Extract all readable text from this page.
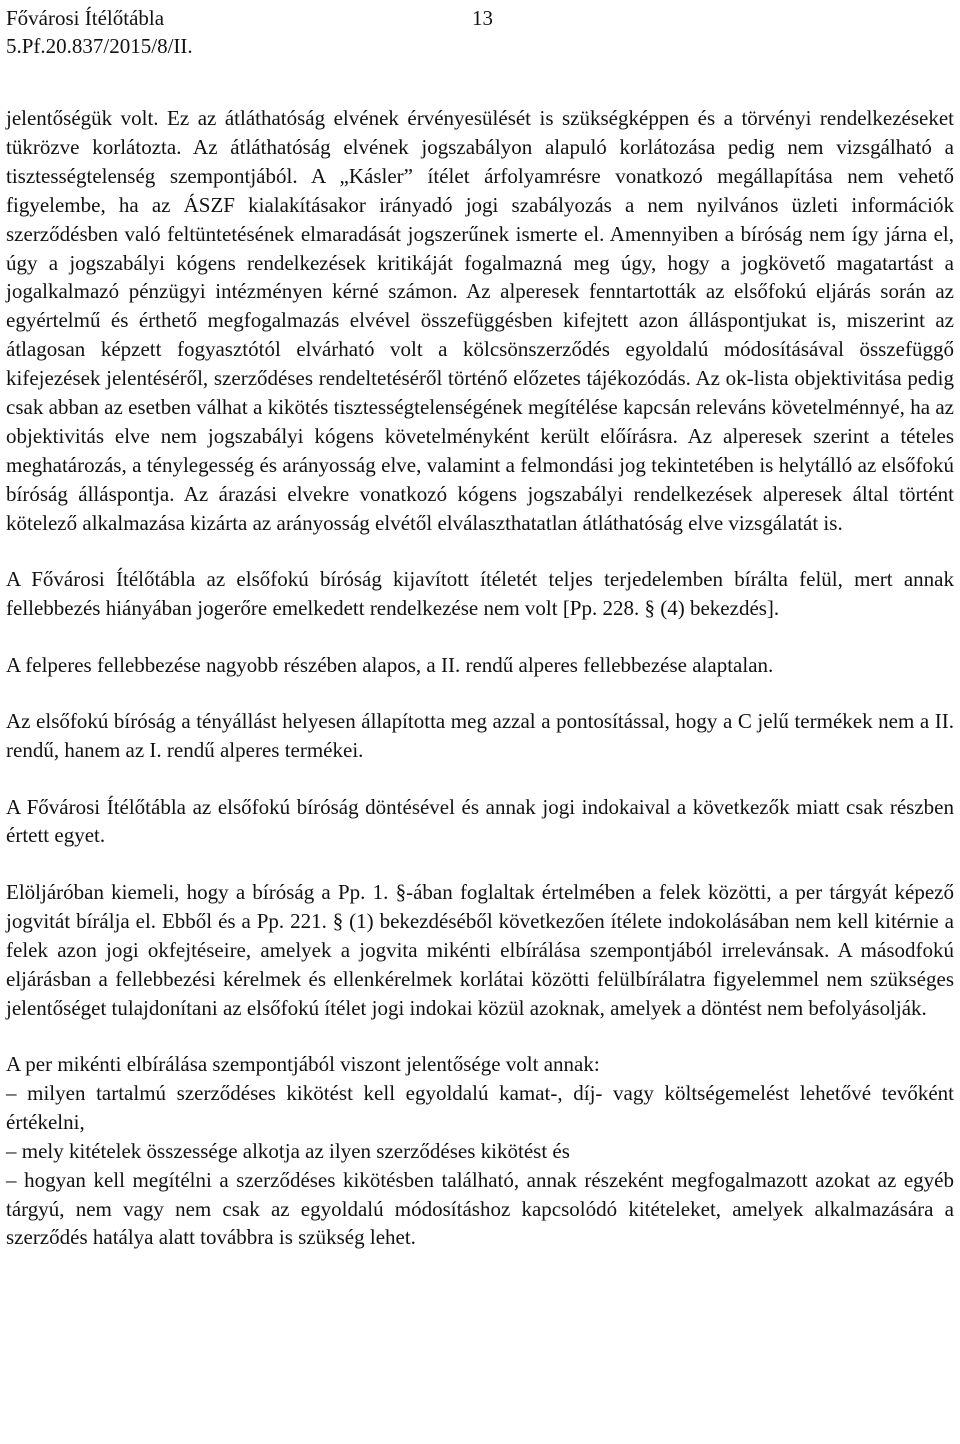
Fővárosi Ítélőtábla	13
5.Pf.20.837/2015/8/II.

jelentőségük volt. Ez az átláthatóság elvének érvényesülését is szükségképpen és a törvényi rendelkezéseket tükrözve korlátozta. Az átláthatóság elvének jogszabályon alapuló korlátozása pedig nem vizsgálható a tisztességtelenség szempontjából. A „Kásler” ítélet árfolyamrésre vonatkozó megállapítása nem vehető figyelembe, ha az ÁSZF kialakításakor irányadó jogi szabályozás a nem nyilvános üzleti információk szerződésben való feltüntetésének elmaradását jogszerűnek ismerte el. Amennyiben a bíróság nem így járna el, úgy a jogszabályi kógens rendelkezések kritikáját fogalmazná meg úgy, hogy a jogkövető magatartást a jogalkalmazó pénzügyi intézményen kérné számon. Az alperesek fenntartották az elsőfokú eljárás során az egyértelmű és érthető megfogalmazás elvével összefüggésben kifejtett azon álláspontjukat is, miszerint az átlagosan képzett fogyasztótól elvárható volt a kölcsönszerződés egyoldalú módosításával összefüggő kifejezések jelentéséről, szerződéses rendeltetéséről történő előzetes tájékozódás. Az ok-lista objektivitása pedig csak abban az esetben válhat a kikötés tisztességtelenségének megítélése kapcsán releváns követelménnyé, ha az objektivitás elve nem jogszabályi kógens követelményként került előírásra. Az alperesek szerint a tételes meghatározás, a ténylegesség és arányosság elve, valamint a felmondási jog tekintetében is helytálló az elsőfokú bíróság álláspontja. Az árazási elvekre vonatkozó kógens jogszabályi rendelkezések alperesek által történt kötelező alkalmazása kizárta az arányosság elvétől elválaszthatatlan átláthatóság elve vizsgálatát is.

A Fővárosi Ítélőtábla az elsőfokú bíróság kijavított ítéletét teljes terjedelemben bírálta felül, mert annak fellebbezés hiányában jogerőre emelkedett rendelkezése nem volt [Pp. 228. § (4) bekezdés].

A felperes fellebbezése nagyobb részében alapos, a II. rendű alperes fellebbezése alaptalan.

Az elsőfokú bíróság a tényállást helyesen állapította meg azzal a pontosítással, hogy a C jelű termékek nem a II. rendű, hanem az I. rendű alperes termékei.

A Fővárosi Ítélőtábla az elsőfokú bíróság döntésével és annak jogi indokaival a következők miatt csak részben értett egyet.

Elöljáróban kiemeli, hogy a bíróság a Pp. 1. §-ában foglaltak értelmében a felek közötti, a per tárgyát képező jogvitát bírálja el. Ebből és a Pp. 221. § (1) bekezdéséből következően ítélete indokolásában nem kell kitérnie a felek azon jogi okfejtéseire, amelyek a jogvita mikénti elbírálása szempontjából irrelevánsak. A másodfokú eljárásban a fellebbezési kérelmek és ellenkérelmek korlátai közötti felülbírálatra figyelemmel nem szükséges jelentőséget tulajdonítani az elsőfokú ítélet jogi indokai közül azoknak, amelyek a döntést nem befolyásolják.

A per mikénti elbírálása szempontjából viszont jelentősége volt annak:

– milyen tartalmú szerződéses kikötést kell egyoldalú kamat-, díj- vagy költségemelést lehetővé tevőként értékelni,

– mely kitételek összessége alkotja az ilyen szerződéses kikötést és

– hogyan kell megítélni a szerződéses kikötésben található, annak részeként megfogalmazott azokat az egyéb tárgyú, nem vagy nem csak az egyoldalú módosításhoz kapcsolódó kitételeket, amelyek alkalmazására a szerződés hatálya alatt továbbra is szükség lehet.
